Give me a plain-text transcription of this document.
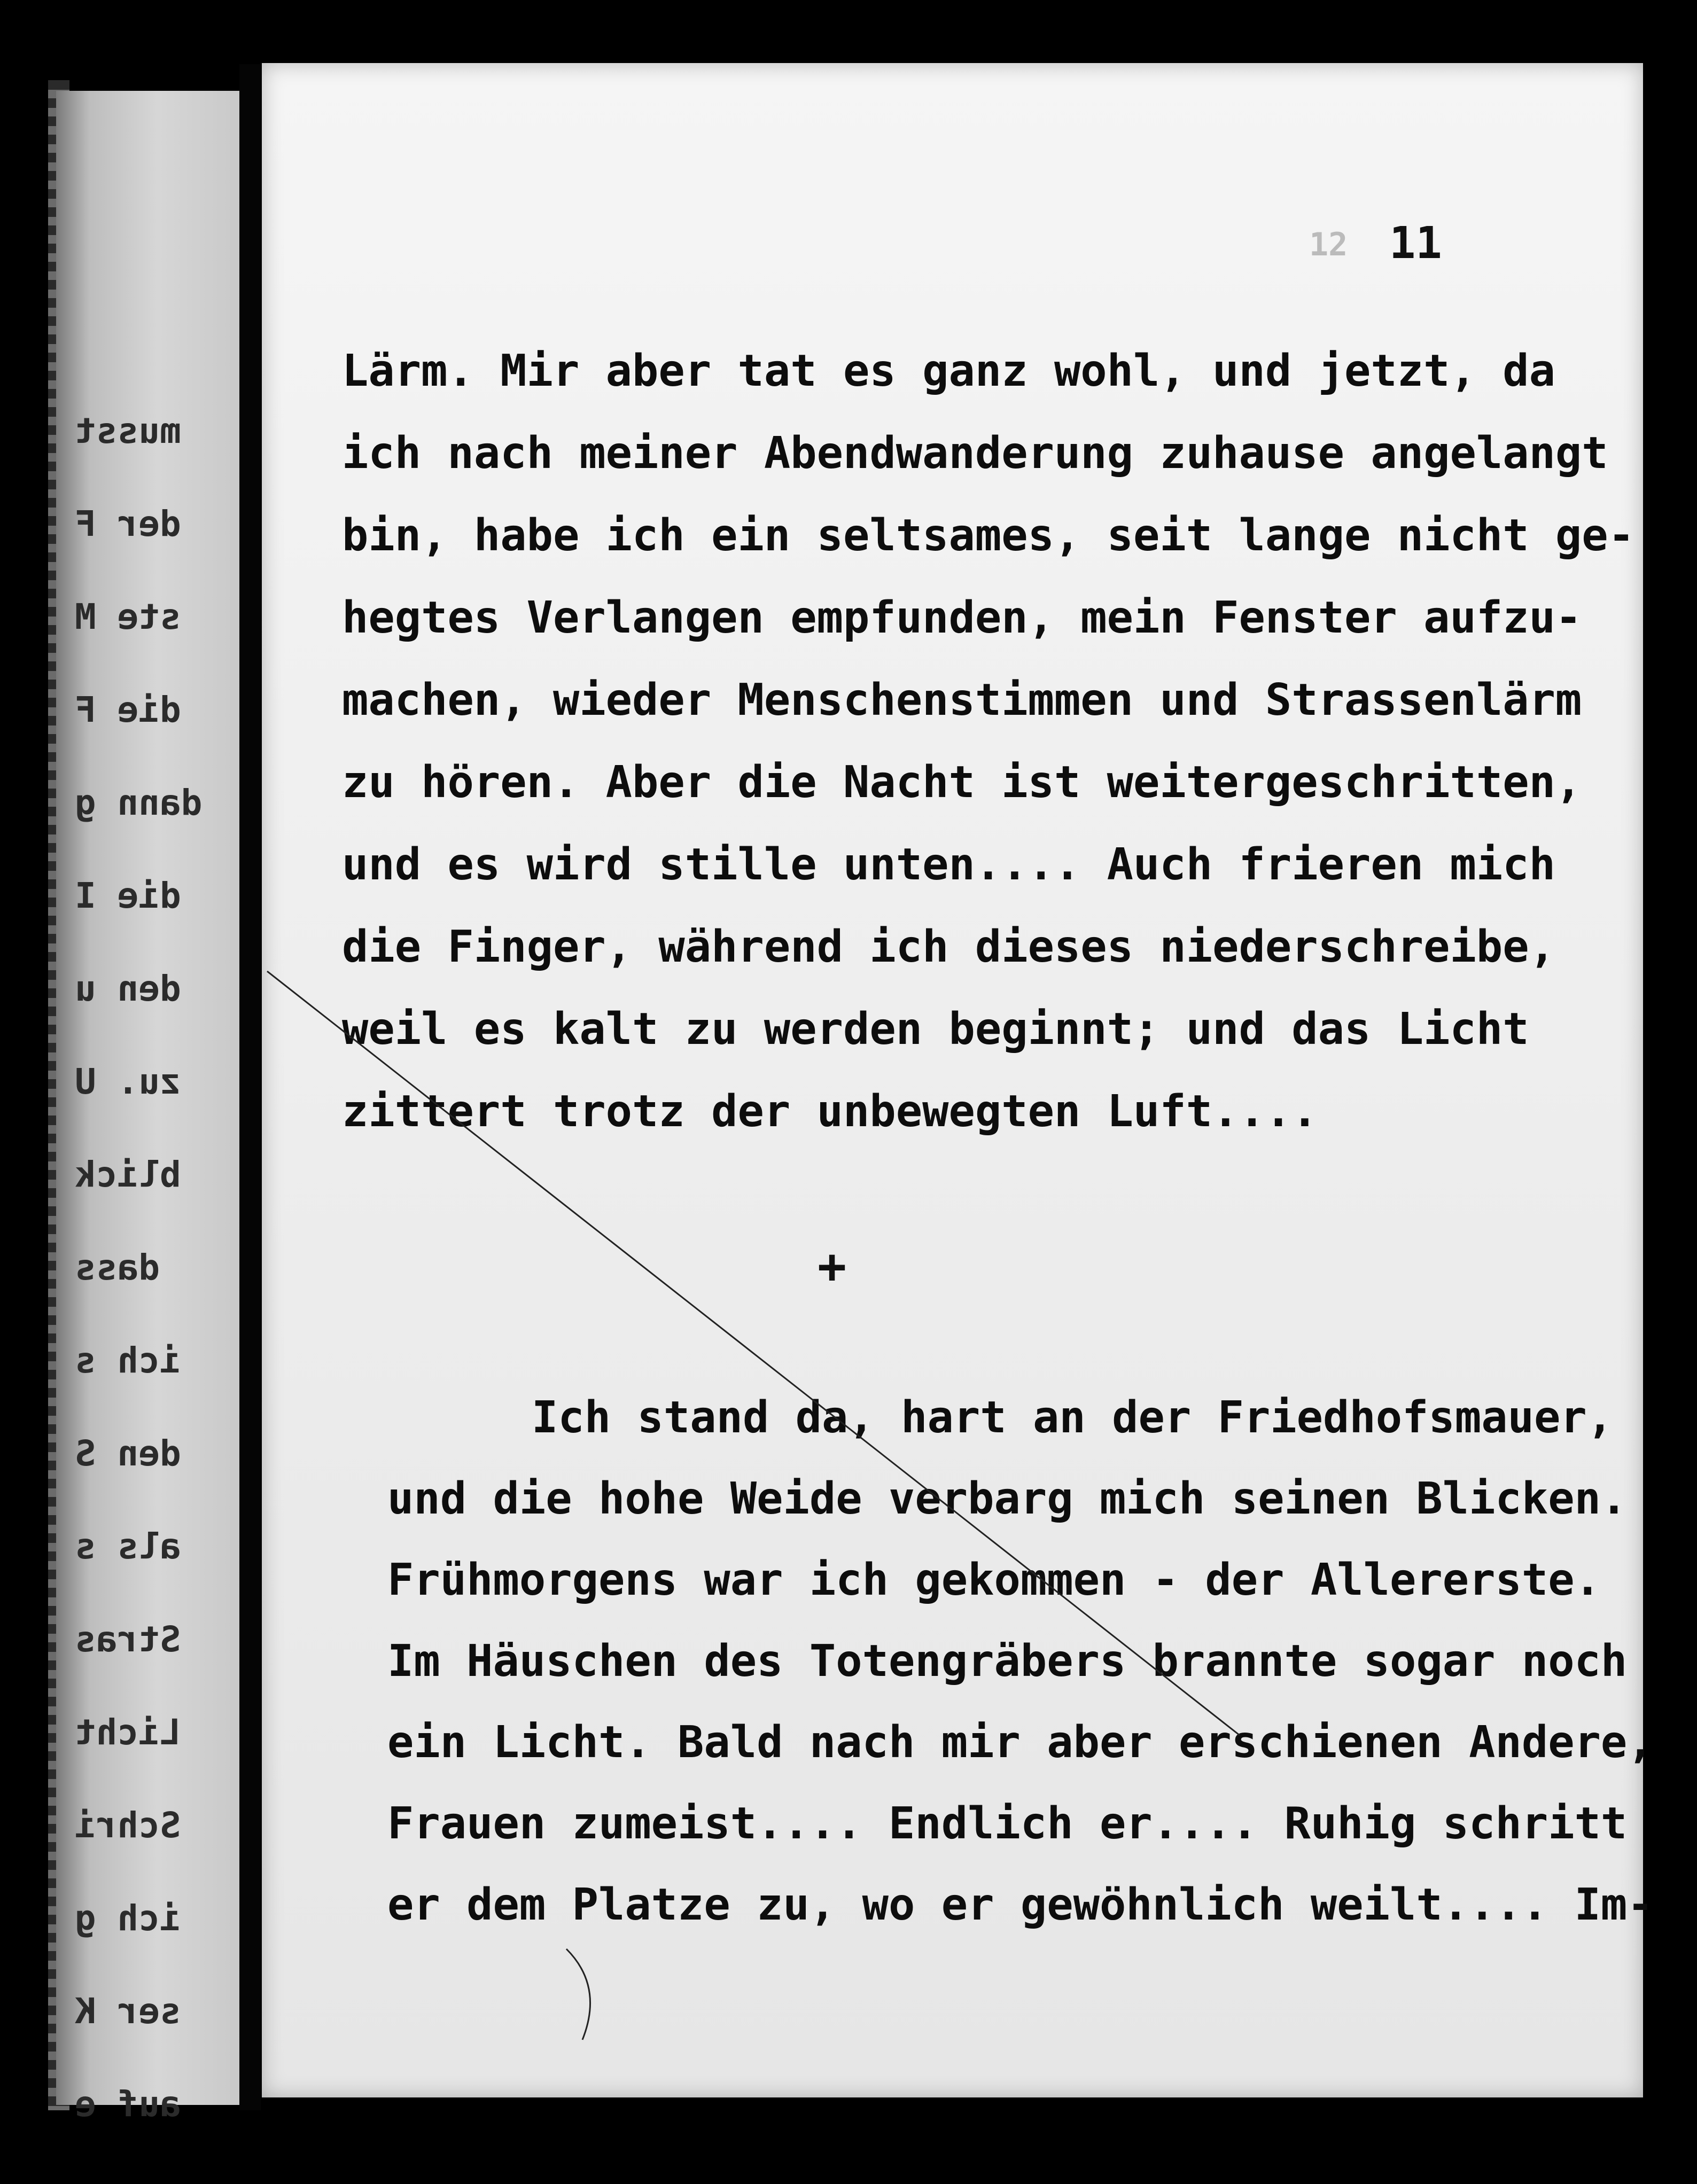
musst
der F
ste M
die F
dann g
die I
den u
zu. U
blick
dass
ich s
den S
als s
Stras
Licht
Schri
ich g
ser K
auf e
12 11
Lärm. Mir aber tat es ganz wohl, und jetzt, da
ich nach meiner Abendwanderung zuhause angelangt
bin, habe ich ein seltsames, seit lange nicht ge-
hegtes Verlangen empfunden, mein Fenster aufzu-
machen, wieder Menschenstimmen und Strassenlärm
zu hören. Aber die Nacht ist weitergeschritten,
und es wird stille unten.... Auch frieren mich
die Finger, während ich dieses niederschreibe,
weil es kalt zu werden beginnt; und das Licht
zittert trotz der unbewegten Luft....
+
Ich stand da, hart an der Friedhofsmauer,
und die hohe Weide verbarg mich seinen Blicken.
Frühmorgens war ich gekommen - der Allererste.
Im Häuschen des Totengräbers brannte sogar noch
ein Licht. Bald nach mir aber erschienen Andere,
Frauen zumeist.... Endlich er.... Ruhig schritt
er dem Platze zu, wo er gewöhnlich weilt.... Im-
